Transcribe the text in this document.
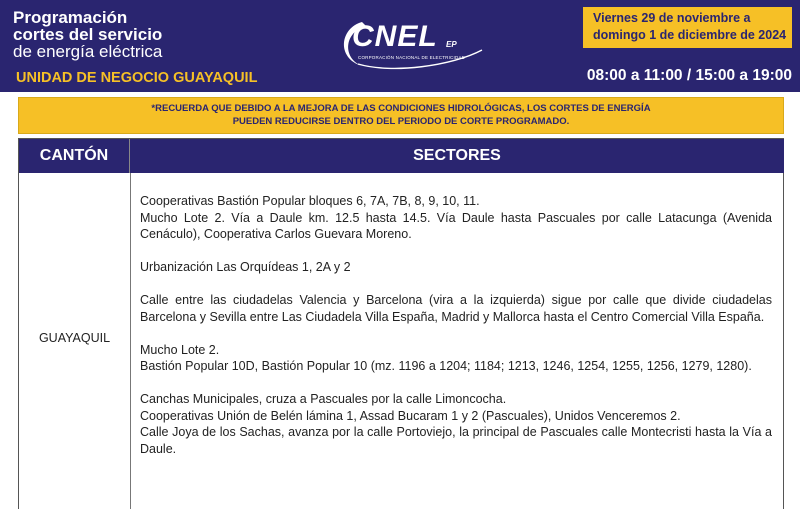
Programación
cortes del servicio
de energía eléctrica
UNIDAD DE NEGOCIO GUAYAQUIL
CNEL EP
CORPORACIÓN NACIONAL DE ELECTRICIDAD
Viernes 29 de noviembre a
domingo 1 de diciembre de 2024
08:00 a 11:00 / 15:00 a 19:00
*RECUERDA QUE DEBIDO A LA MEJORA DE LAS CONDICIONES HIDROLÓGICAS, LOS CORTES DE ENERGÍA
PUEDEN REDUCIRSE DENTRO DEL PERIODO DE CORTE PROGRAMADO.
CANTÓN	SECTORES
GUAYAQUIL
Cooperativas Bastión Popular bloques 6, 7A, 7B, 8, 9, 10, 11.
Mucho Lote 2. Vía a Daule km. 12.5 hasta 14.5. Vía Daule hasta Pascuales por calle Latacunga (Avenida Cenáculo), Cooperativa Carlos Guevara Moreno.
Urbanización Las Orquídeas 1, 2A y 2
Calle entre las ciudadelas Valencia y Barcelona (vira a la izquierda) sigue por calle que divide ciudadelas Barcelona y Sevilla entre Las Ciudadela Villa España, Madrid y Mallorca hasta el Centro Comercial Villa España.
Mucho Lote 2.
Bastión Popular 10D, Bastión Popular 10 (mz. 1196 a 1204; 1184; 1213, 1246, 1254, 1255, 1256, 1279, 1280).
Canchas Municipales, cruza a Pascuales por la calle Limoncocha.
Cooperativas Unión de Belén lámina 1, Assad Bucaram 1 y 2 (Pascuales), Unidos Venceremos 2.
Calle Joya de los Sachas, avanza por la calle Portoviejo, la principal de Pascuales calle Montecristi hasta la Vía a Daule.
